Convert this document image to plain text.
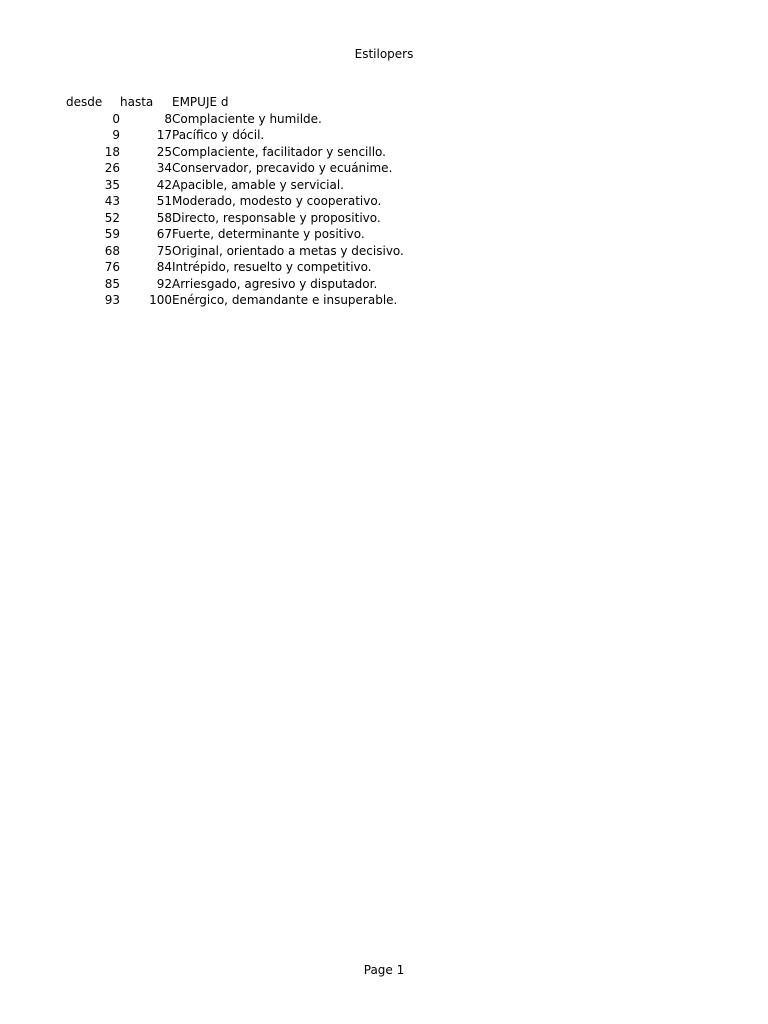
Estilopers
desde	hasta	EMPUJE d
0	8	Complaciente y humilde.
9	17	Pacífico y dócil.
18	25	Complaciente, facilitador y sencillo.
26	34	Conservador, precavido y ecuánime.
35	42	Apacible, amable y servicial.
43	51	Moderado, modesto y cooperativo.
52	58	Directo, responsable y propositivo.
59	67	Fuerte, determinante y positivo.
68	75	Original, orientado a metas y decisivo.
76	84	Intrépido, resuelto y competitivo.
85	92	Arriesgado, agresivo y disputador.
93	100	Enérgico, demandante e insuperable.
Page 1
